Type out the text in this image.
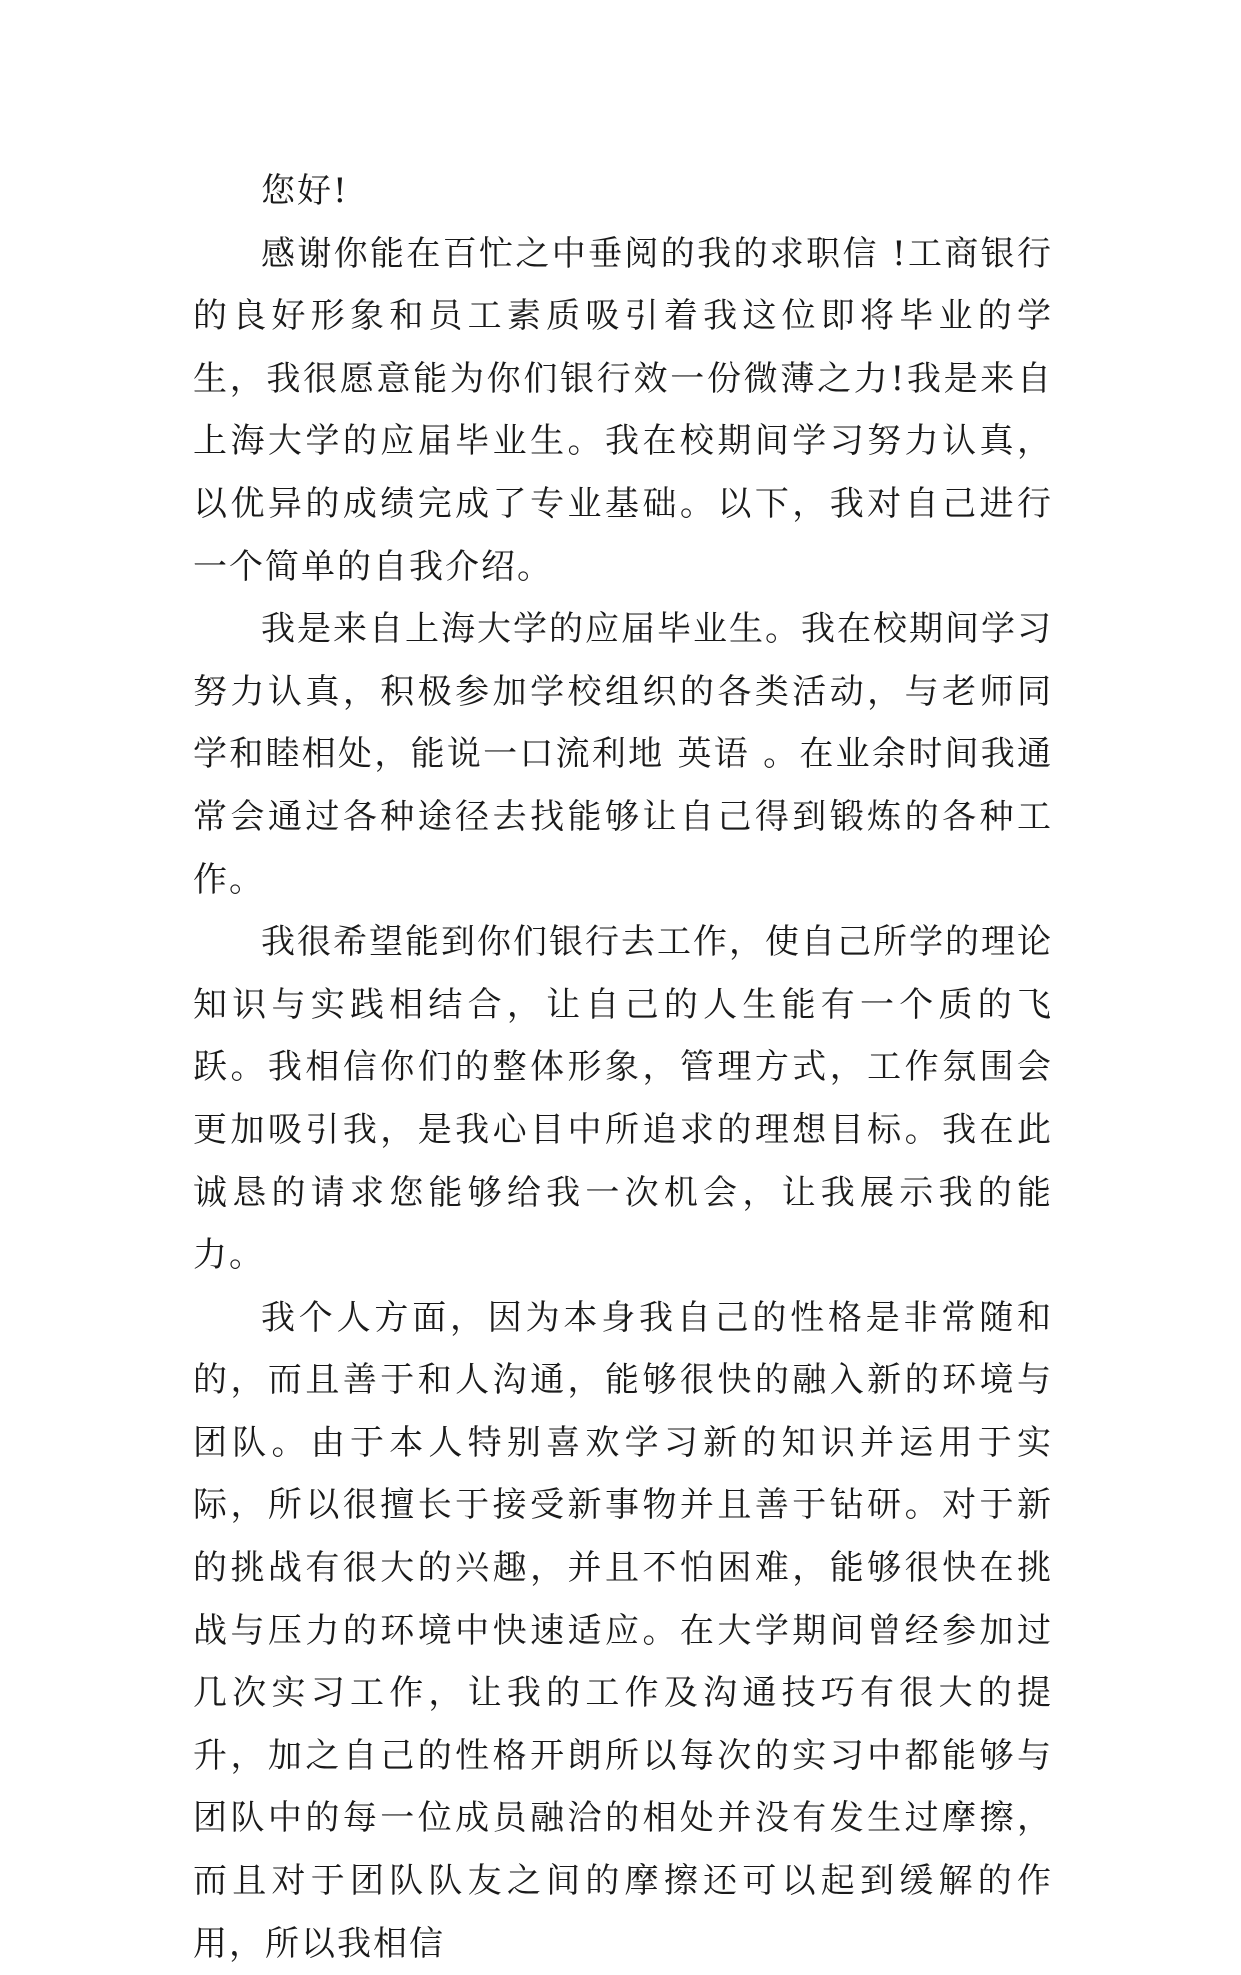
您好!

感谢你能在百忙之中垂阅的我的求职信 !工商银行的良好形象和员工素质吸引着我这位即将毕业的学生，我很愿意能为你们银行效一份微薄之力!我是来自上海大学的应届毕业生。我在校期间学习努力认真，以优异的成绩完成了专业基础。以下，我对自己进行一个简单的自我介绍。

我是来自上海大学的应届毕业生。我在校期间学习努力认真，积极参加学校组织的各类活动，与老师同学和睦相处，能说一口流利地 英语 。在业余时间我通常会通过各种途径去找能够让自己得到锻炼的各种工作。

我很希望能到你们银行去工作，使自己所学的理论知识与实践相结合，让自己的人生能有一个质的飞跃。我相信你们的整体形象，管理方式，工作氛围会更加吸引我，是我心目中所追求的理想目标。我在此诚恳的请求您能够给我一次机会，让我展示我的能力。

我个人方面，因为本身我自己的性格是非常随和的，而且善于和人沟通，能够很快的融入新的环境与团队。由于本人特别喜欢学习新的知识并运用于实际，所以很擅长于接受新事物并且善于钻研。对于新的挑战有很大的兴趣，并且不怕困难，能够很快在挑战与压力的环境中快速适应。在大学期间曾经参加过几次实习工作，让我的工作及沟通技巧有很大的提升，加之自己的性格开朗所以每次的实习中都能够与团队中的每一位成员融洽的相处并没有发生过摩擦，而且对于团队队友之间的摩擦还可以起到缓解的作用，所以我相信
